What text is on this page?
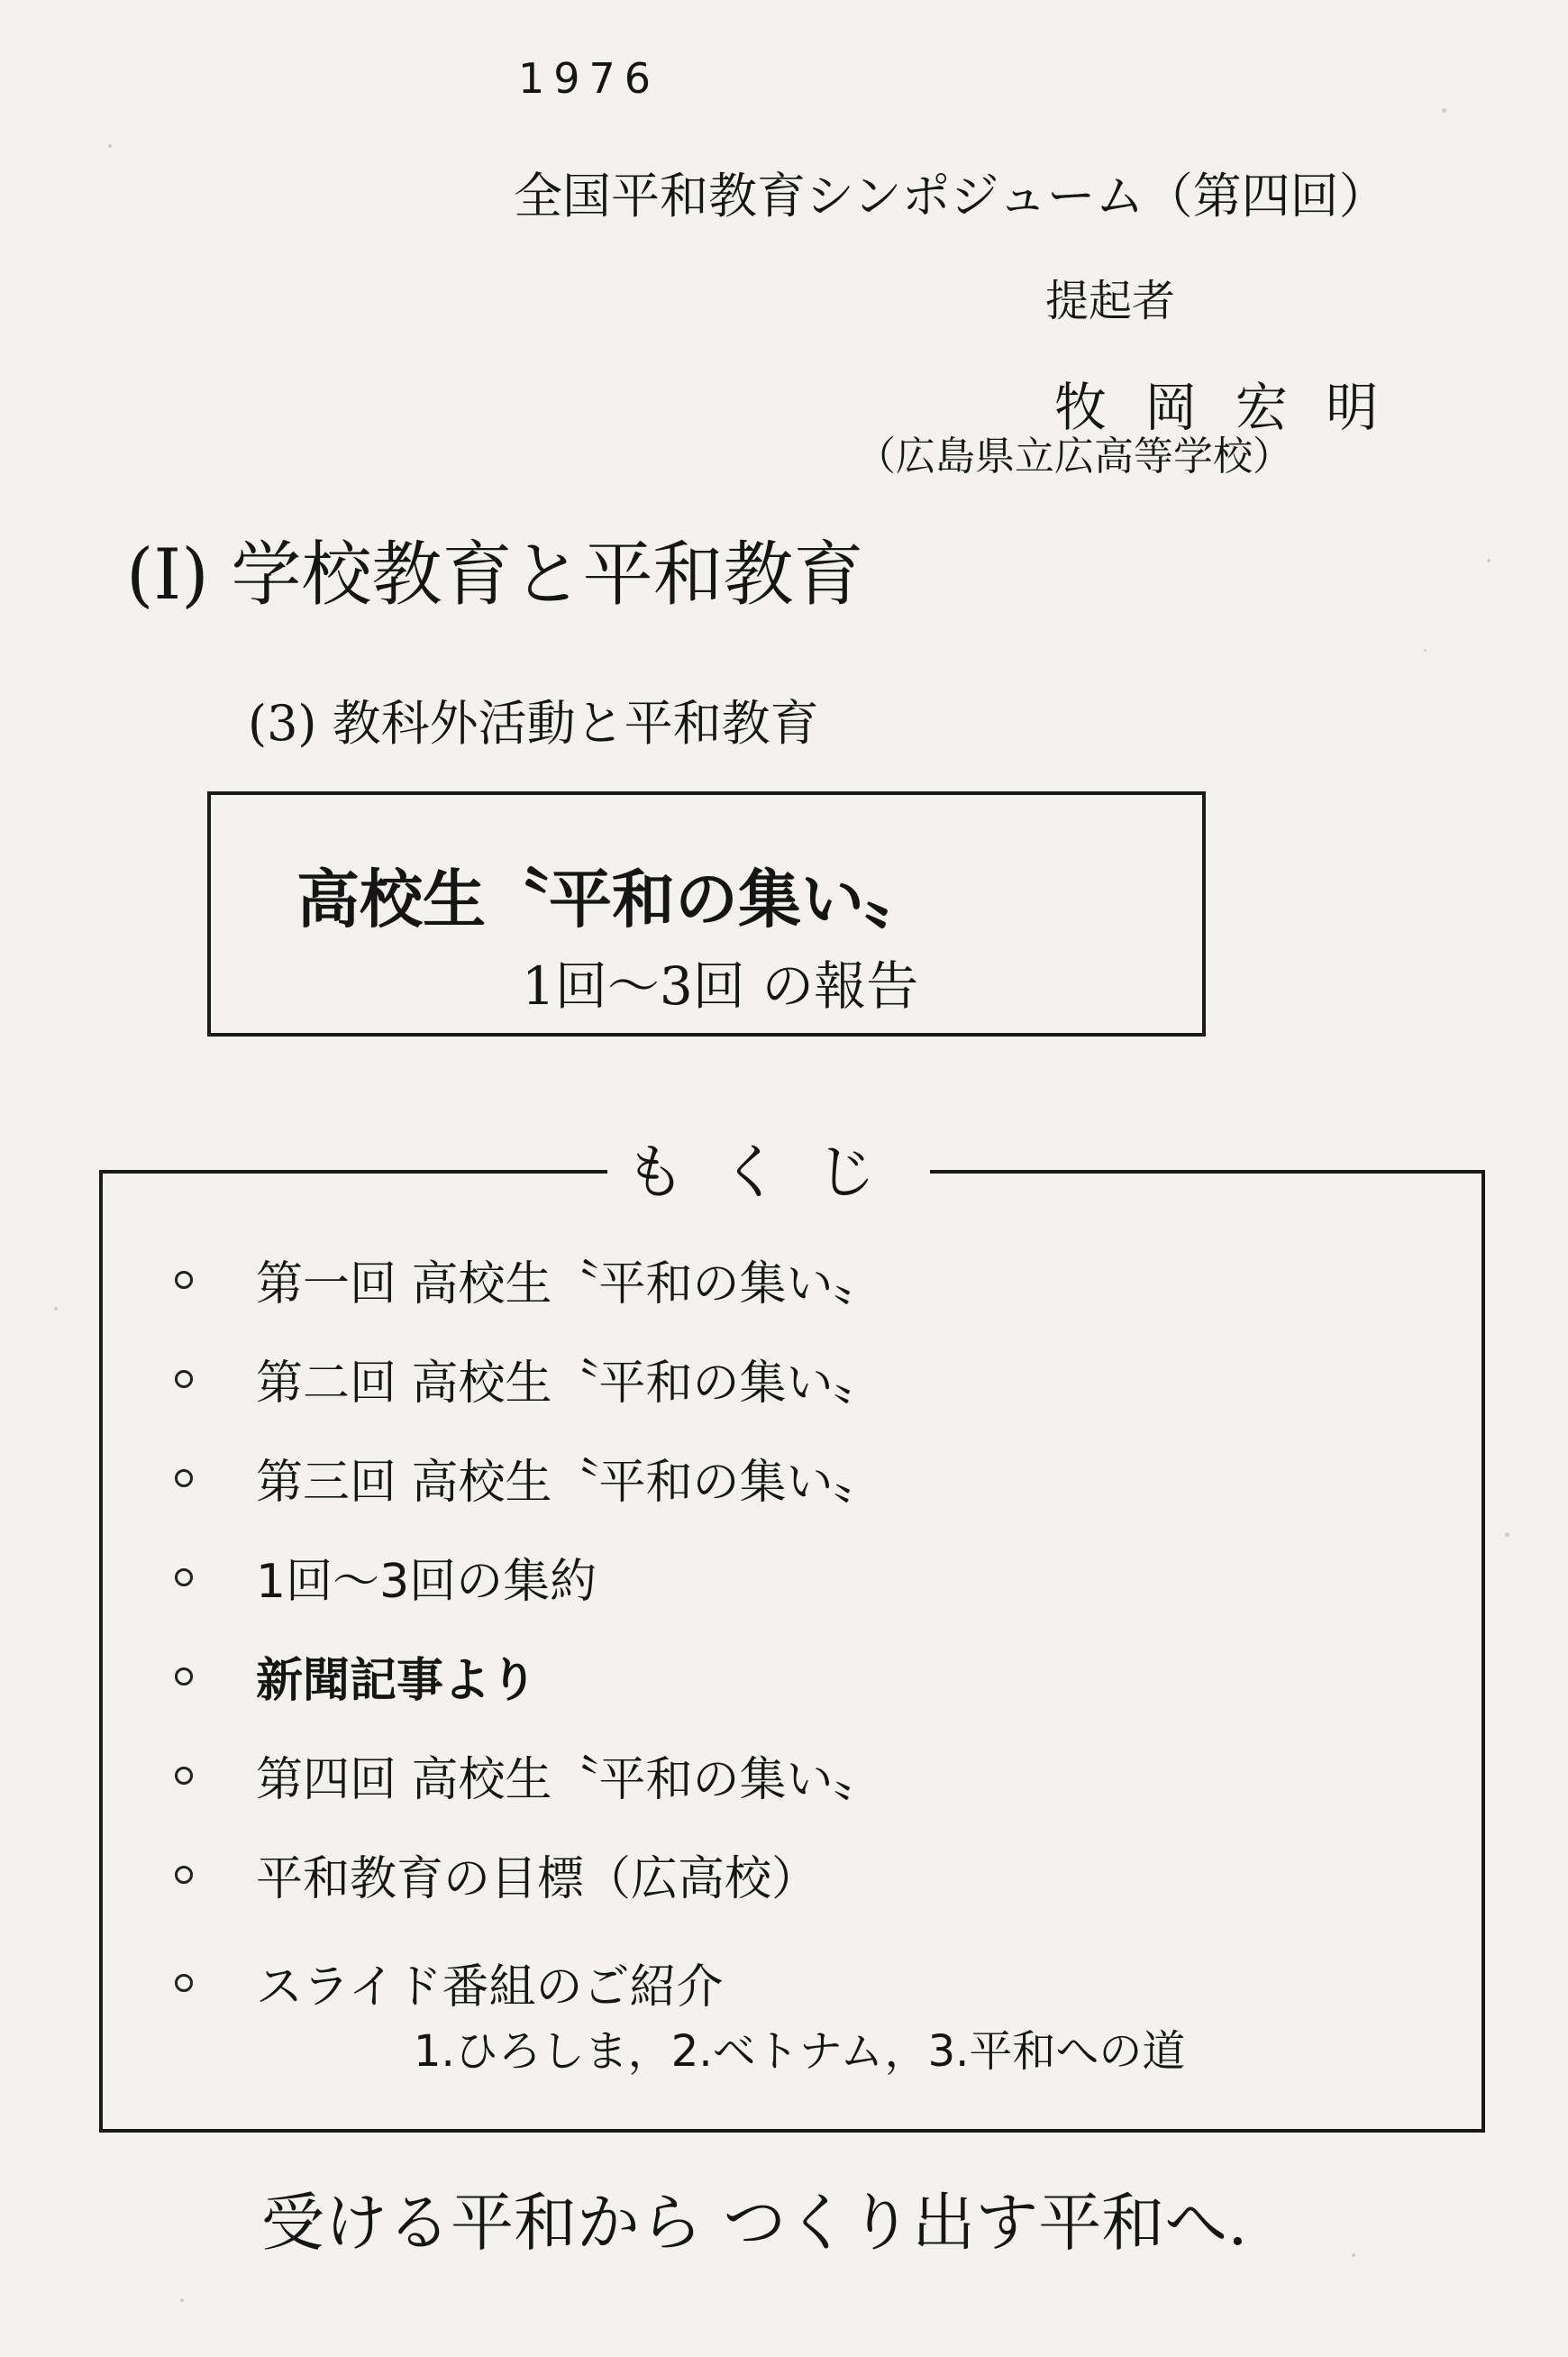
1976
全国平和教育シンポジューム（第四回）
提起者
牧 岡 宏 明
（広島県立広高等学校）
(Ⅰ) 学校教育と平和教育
(3) 教科外活動と平和教育
高校生〝平和の集い〟
1回〜3回 の報告
もくじ
第一回 高校生〝平和の集い〟
第二回 高校生〝平和の集い〟
第三回 高校生〝平和の集い〟
1回〜3回の集約
新聞記事より
第四回 高校生〝平和の集い〟
平和教育の目標（広高校）
スライド番組のご紹介
1.ひろしま，2.ベトナム，3.平和への道
受ける平和から つくり出す平和へ.
